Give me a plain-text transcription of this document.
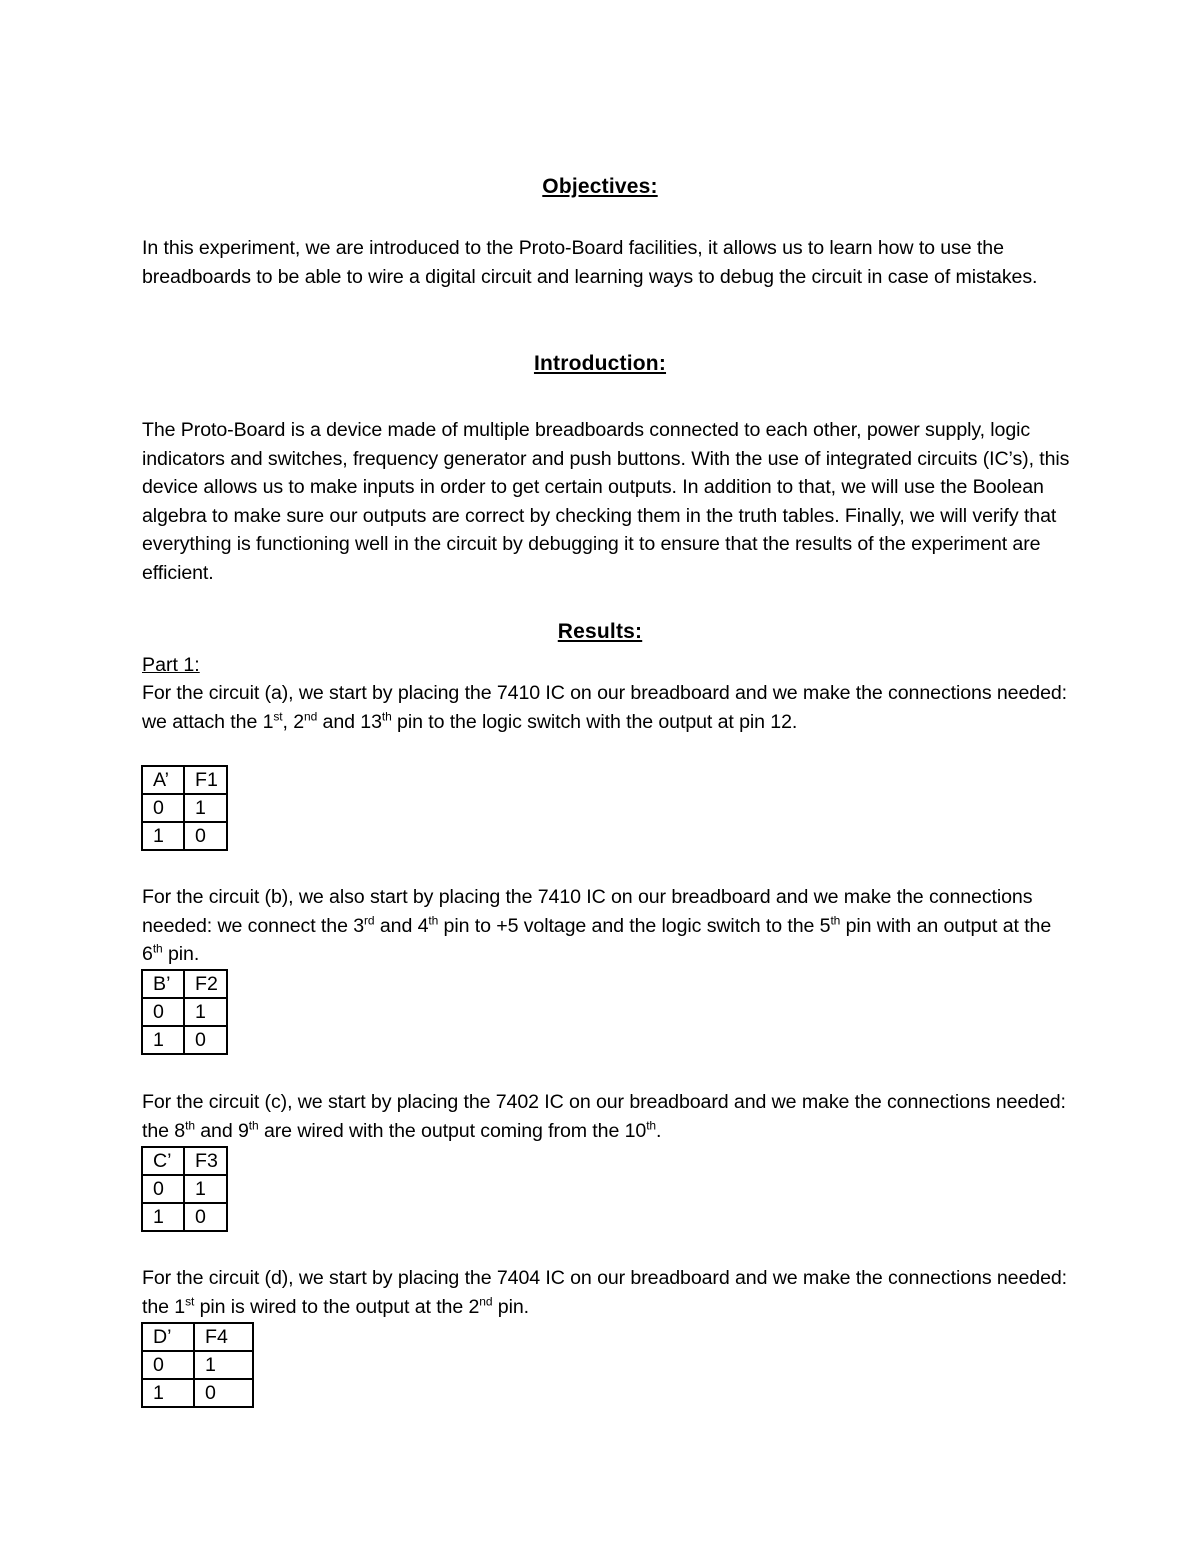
Objectives:

In this experiment, we are introduced to the Proto-Board facilities, it allows us to learn how to use the breadboards to be able to wire a digital circuit and learning ways to debug the circuit in case of mistakes.

Introduction:

The Proto-Board is a device made of multiple breadboards connected to each other, power supply, logic indicators and switches, frequency generator and push buttons. With the use of integrated circuits (IC’s), this device allows us to make inputs in order to get certain outputs. In addition to that, we will use the Boolean algebra to make sure our outputs are correct by checking them in the truth tables. Finally, we will verify that everything is functioning well in the circuit by debugging it to ensure that the results of the experiment are efficient.

Results:

Part 1:

For the circuit (a), we start by placing the 7410 IC on our breadboard and we make the connections needed: we attach the 1st, 2nd and 13th pin to the logic switch with the output at pin 12.

A’	F1
0	1
1	0

For the circuit (b), we also start by placing the 7410 IC on our breadboard and we make the connections needed: we connect the 3rd and 4th pin to +5 voltage and the logic switch to the 5th pin with an output at the 6th pin.

B’	F2
0	1
1	0

For the circuit (c), we start by placing the 7402 IC on our breadboard and we make the connections needed: the 8th and 9th are wired with the output coming from the 10th.

C’	F3
0	1
1	0

For the circuit (d), we start by placing the 7404 IC on our breadboard and we make the connections needed: the 1st pin is wired to the output at the 2nd pin.

D’	F4
0	1
1	0
